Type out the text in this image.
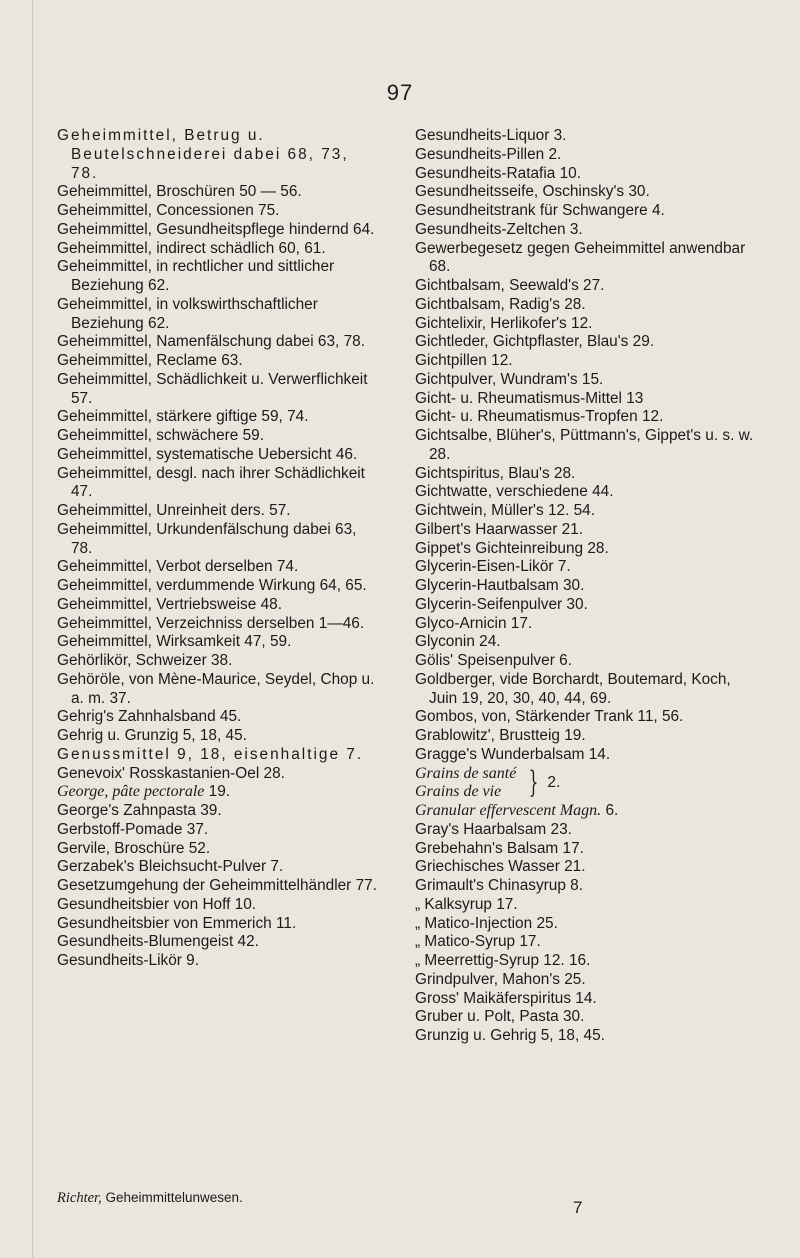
97
Geheimmittel, Betrug u. Beutelschneiderei dabei 68, 73, 78.
Geheimmittel, Broschüren 50 — 56.
Geheimmittel, Concessionen 75.
Geheimmittel, Gesundheitspflege hindernd 64.
Geheimmittel, indirect schädlich 60, 61.
Geheimmittel, in rechtlicher und sittlicher Beziehung 62.
Geheimmittel, in volkswirthschaftlicher Beziehung 62.
Geheimmittel, Namenfälschung dabei 63, 78.
Geheimmittel, Reclame 63.
Geheimmittel, Schädlichkeit u. Verwerflichkeit 57.
Geheimmittel, stärkere giftige 59, 74.
Geheimmittel, schwächere 59.
Geheimmittel, systematische Uebersicht 46.
Geheimmittel, desgl. nach ihrer Schädlichkeit 47.
Geheimmittel, Unreinheit ders. 57.
Geheimmittel, Urkundenfälschung dabei 63, 78.
Geheimmittel, Verbot derselben 74.
Geheimmittel, verdummende Wirkung 64, 65.
Geheimmittel, Vertriebsweise 48.
Geheimmittel, Verzeichniss derselben 1—46.
Geheimmittel, Wirksamkeit 47, 59.
Gehörlikör, Schweizer 38.
Gehöröle, von Mène-Maurice, Seydel, Chop u. a. m. 37.
Gehrig's Zahnhalsband 45.
Gehrig u. Grunzig 5, 18, 45.
Genussmittel 9, 18, eisenhaltige 7.
Genevoix' Rosskastanien-Oel 28.
George, pâte pectorale 19.
George's Zahnpasta 39.
Gerbstoff-Pomade 37.
Gervile, Broschüre 52.
Gerzabek's Bleichsucht-Pulver 7.
Gesetzumgehung der Geheimmittelhändler 77.
Gesundheitsbier von Hoff 10.
Gesundheitsbier von Emmerich 11.
Gesundheits-Blumengeist 42.
Gesundheits-Likör 9.
Gesundheits-Liquor 3.
Gesundheits-Pillen 2.
Gesundheits-Ratafia 10.
Gesundheitsseife, Oschinsky's 30.
Gesundheitstrank für Schwangere 4.
Gesundheits-Zeltchen 3.
Gewerbegesetz gegen Geheimmittel anwendbar 68.
Gichtbalsam, Seewald's 27.
Gichtbalsam, Radig's 28.
Gichtelixir, Herlikofer's 12.
Gichtleder, Gichtpflaster, Blau's 29.
Gichtpillen 12.
Gichtpulver, Wundram's 15.
Gicht- u. Rheumatismus-Mittel 13
Gicht- u. Rheumatismus-Tropfen 12.
Gichtsalbe, Blüher's, Püttmann's, Gippet's u. s. w. 28.
Gichtspiritus, Blau's 28.
Gichtwatte, verschiedene 44.
Gichtwein, Müller's 12. 54.
Gilbert's Haarwasser 21.
Gippet's Gichteinreibung 28.
Glycerin-Eisen-Likör 7.
Glycerin-Hautbalsam 30.
Glycerin-Seifenpulver 30.
Glyco-Arnicin 17.
Glyconin 24.
Gölis' Speisenpulver 6.
Goldberger, vide Borchardt, Boutemard, Koch, Juin 19, 20, 30, 40, 44, 69.
Gombos, von, Stärkender Trank 11, 56.
Grablowitz', Brustteig 19.
Gragge's Wunderbalsam 14.
Grains de santé
Grains de vie } 2.
Granular effervescent Magn. 6.
Gray's Haarbalsam 23.
Grebehahn's Balsam 17.
Griechisches Wasser 21.
Grimault's Chinasyrup 8.
„ Kalksyrup 17.
„ Matico-Injection 25.
„ Matico-Syrup 17.
„ Meerrettig-Syrup 12. 16.
Grindpulver, Mahon's 25.
Gross' Maikäferspiritus 14.
Gruber u. Polt, Pasta 30.
Grunzig u. Gehrig 5, 18, 45.
Richter, Geheimmittelunwesen.
7
